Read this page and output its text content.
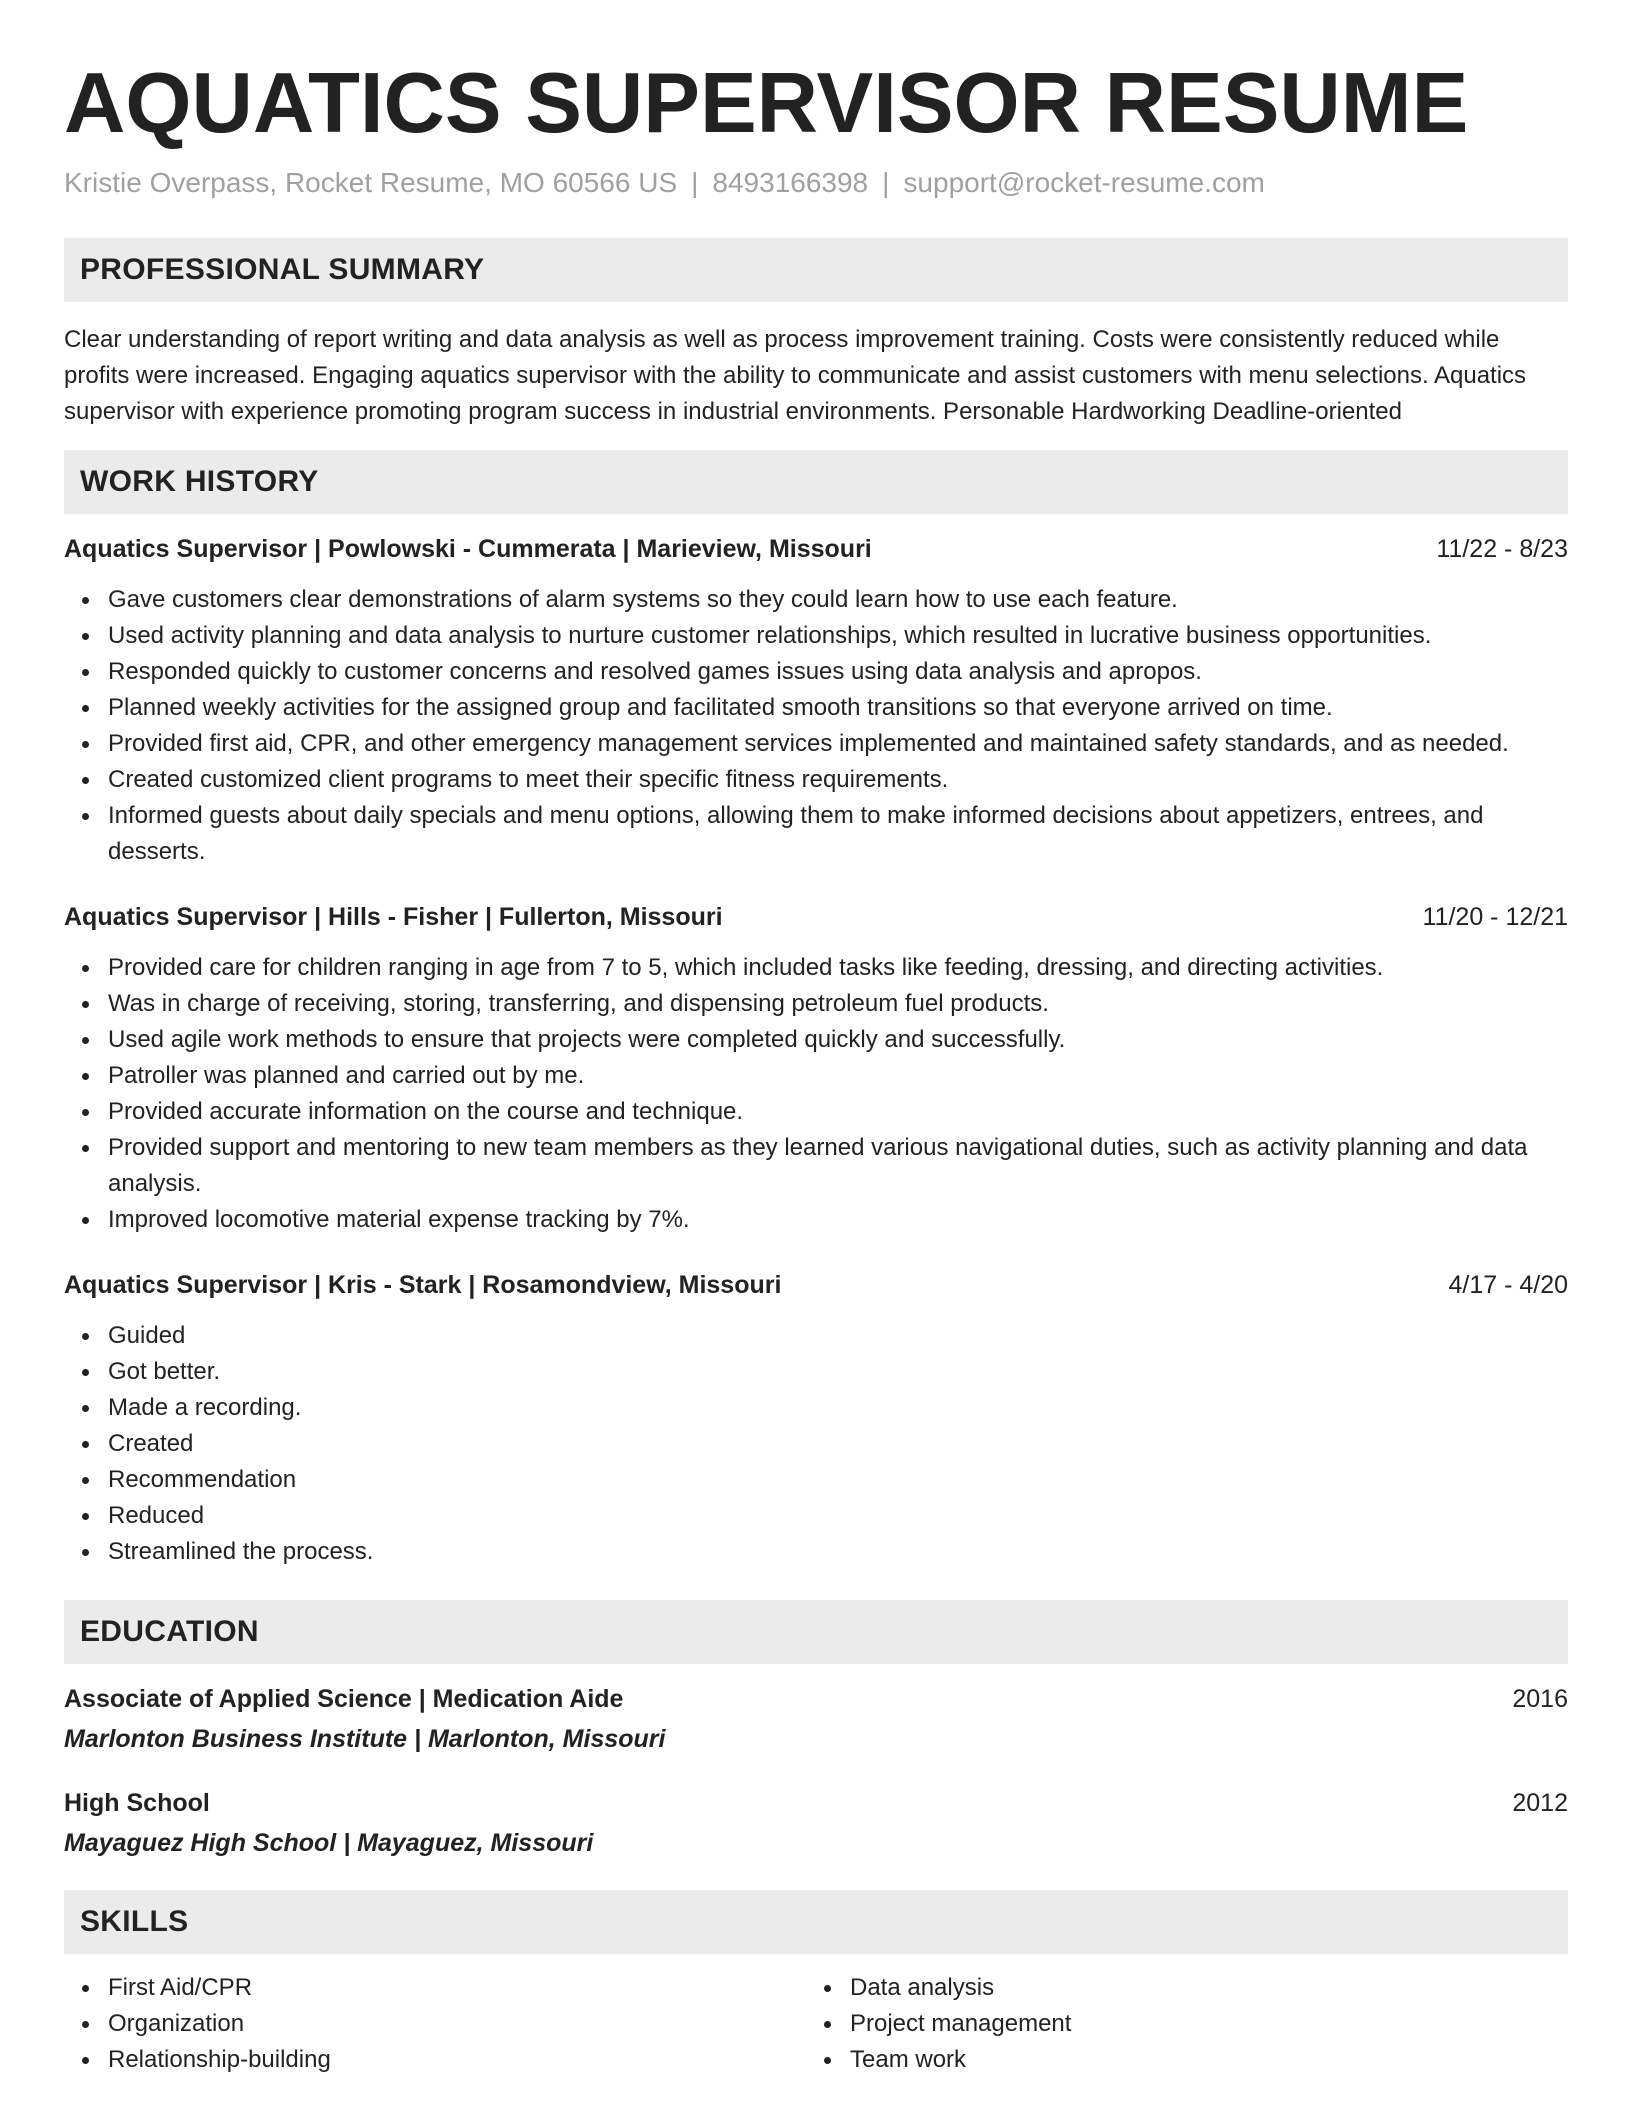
AQUATICS SUPERVISOR RESUME
Kristie Overpass, Rocket Resume, MO 60566 US | 8493166398 | support@rocket-resume.com
PROFESSIONAL SUMMARY

Clear understanding of report writing and data analysis as well as process improvement training. Costs were consistently reduced while profits were increased. Engaging aquatics supervisor with the ability to communicate and assist customers with menu selections. Aquatics supervisor with experience promoting program success in industrial environments. Personable Hardworking Deadline-oriented

WORK HISTORY
Aquatics Supervisor | Powlowski - Cummerata | Marieview, Missouri	11/22 - 8/23
Gave customers clear demonstrations of alarm systems so they could learn how to use each feature.
Used activity planning and data analysis to nurture customer relationships, which resulted in lucrative business opportunities.
Responded quickly to customer concerns and resolved games issues using data analysis and apropos.
Planned weekly activities for the assigned group and facilitated smooth transitions so that everyone arrived on time.
Provided first aid, CPR, and other emergency management services implemented and maintained safety standards, and as needed.
Created customized client programs to meet their specific fitness requirements.
Informed guests about daily specials and menu options, allowing them to make informed decisions about appetizers, entrees, and desserts.
Aquatics Supervisor | Hills - Fisher | Fullerton, Missouri	11/20 - 12/21
Provided care for children ranging in age from 7 to 5, which included tasks like feeding, dressing, and directing activities.
Was in charge of receiving, storing, transferring, and dispensing petroleum fuel products.
Used agile work methods to ensure that projects were completed quickly and successfully.
Patroller was planned and carried out by me.
Provided accurate information on the course and technique.
Provided support and mentoring to new team members as they learned various navigational duties, such as activity planning and data analysis.
Improved locomotive material expense tracking by 7%.
Aquatics Supervisor | Kris - Stark | Rosamondview, Missouri	4/17 - 4/20
Guided
Got better.
Made a recording.
Created
Recommendation
Reduced
Streamlined the process.
EDUCATION
Associate of Applied Science | Medication Aide	2016
Marlonton Business Institute | Marlonton, Missouri
High School	2012
Mayaguez High School | Mayaguez, Missouri
SKILLS
First Aid/CPR
Organization
Relationship-building
Data analysis
Project management
Team work
